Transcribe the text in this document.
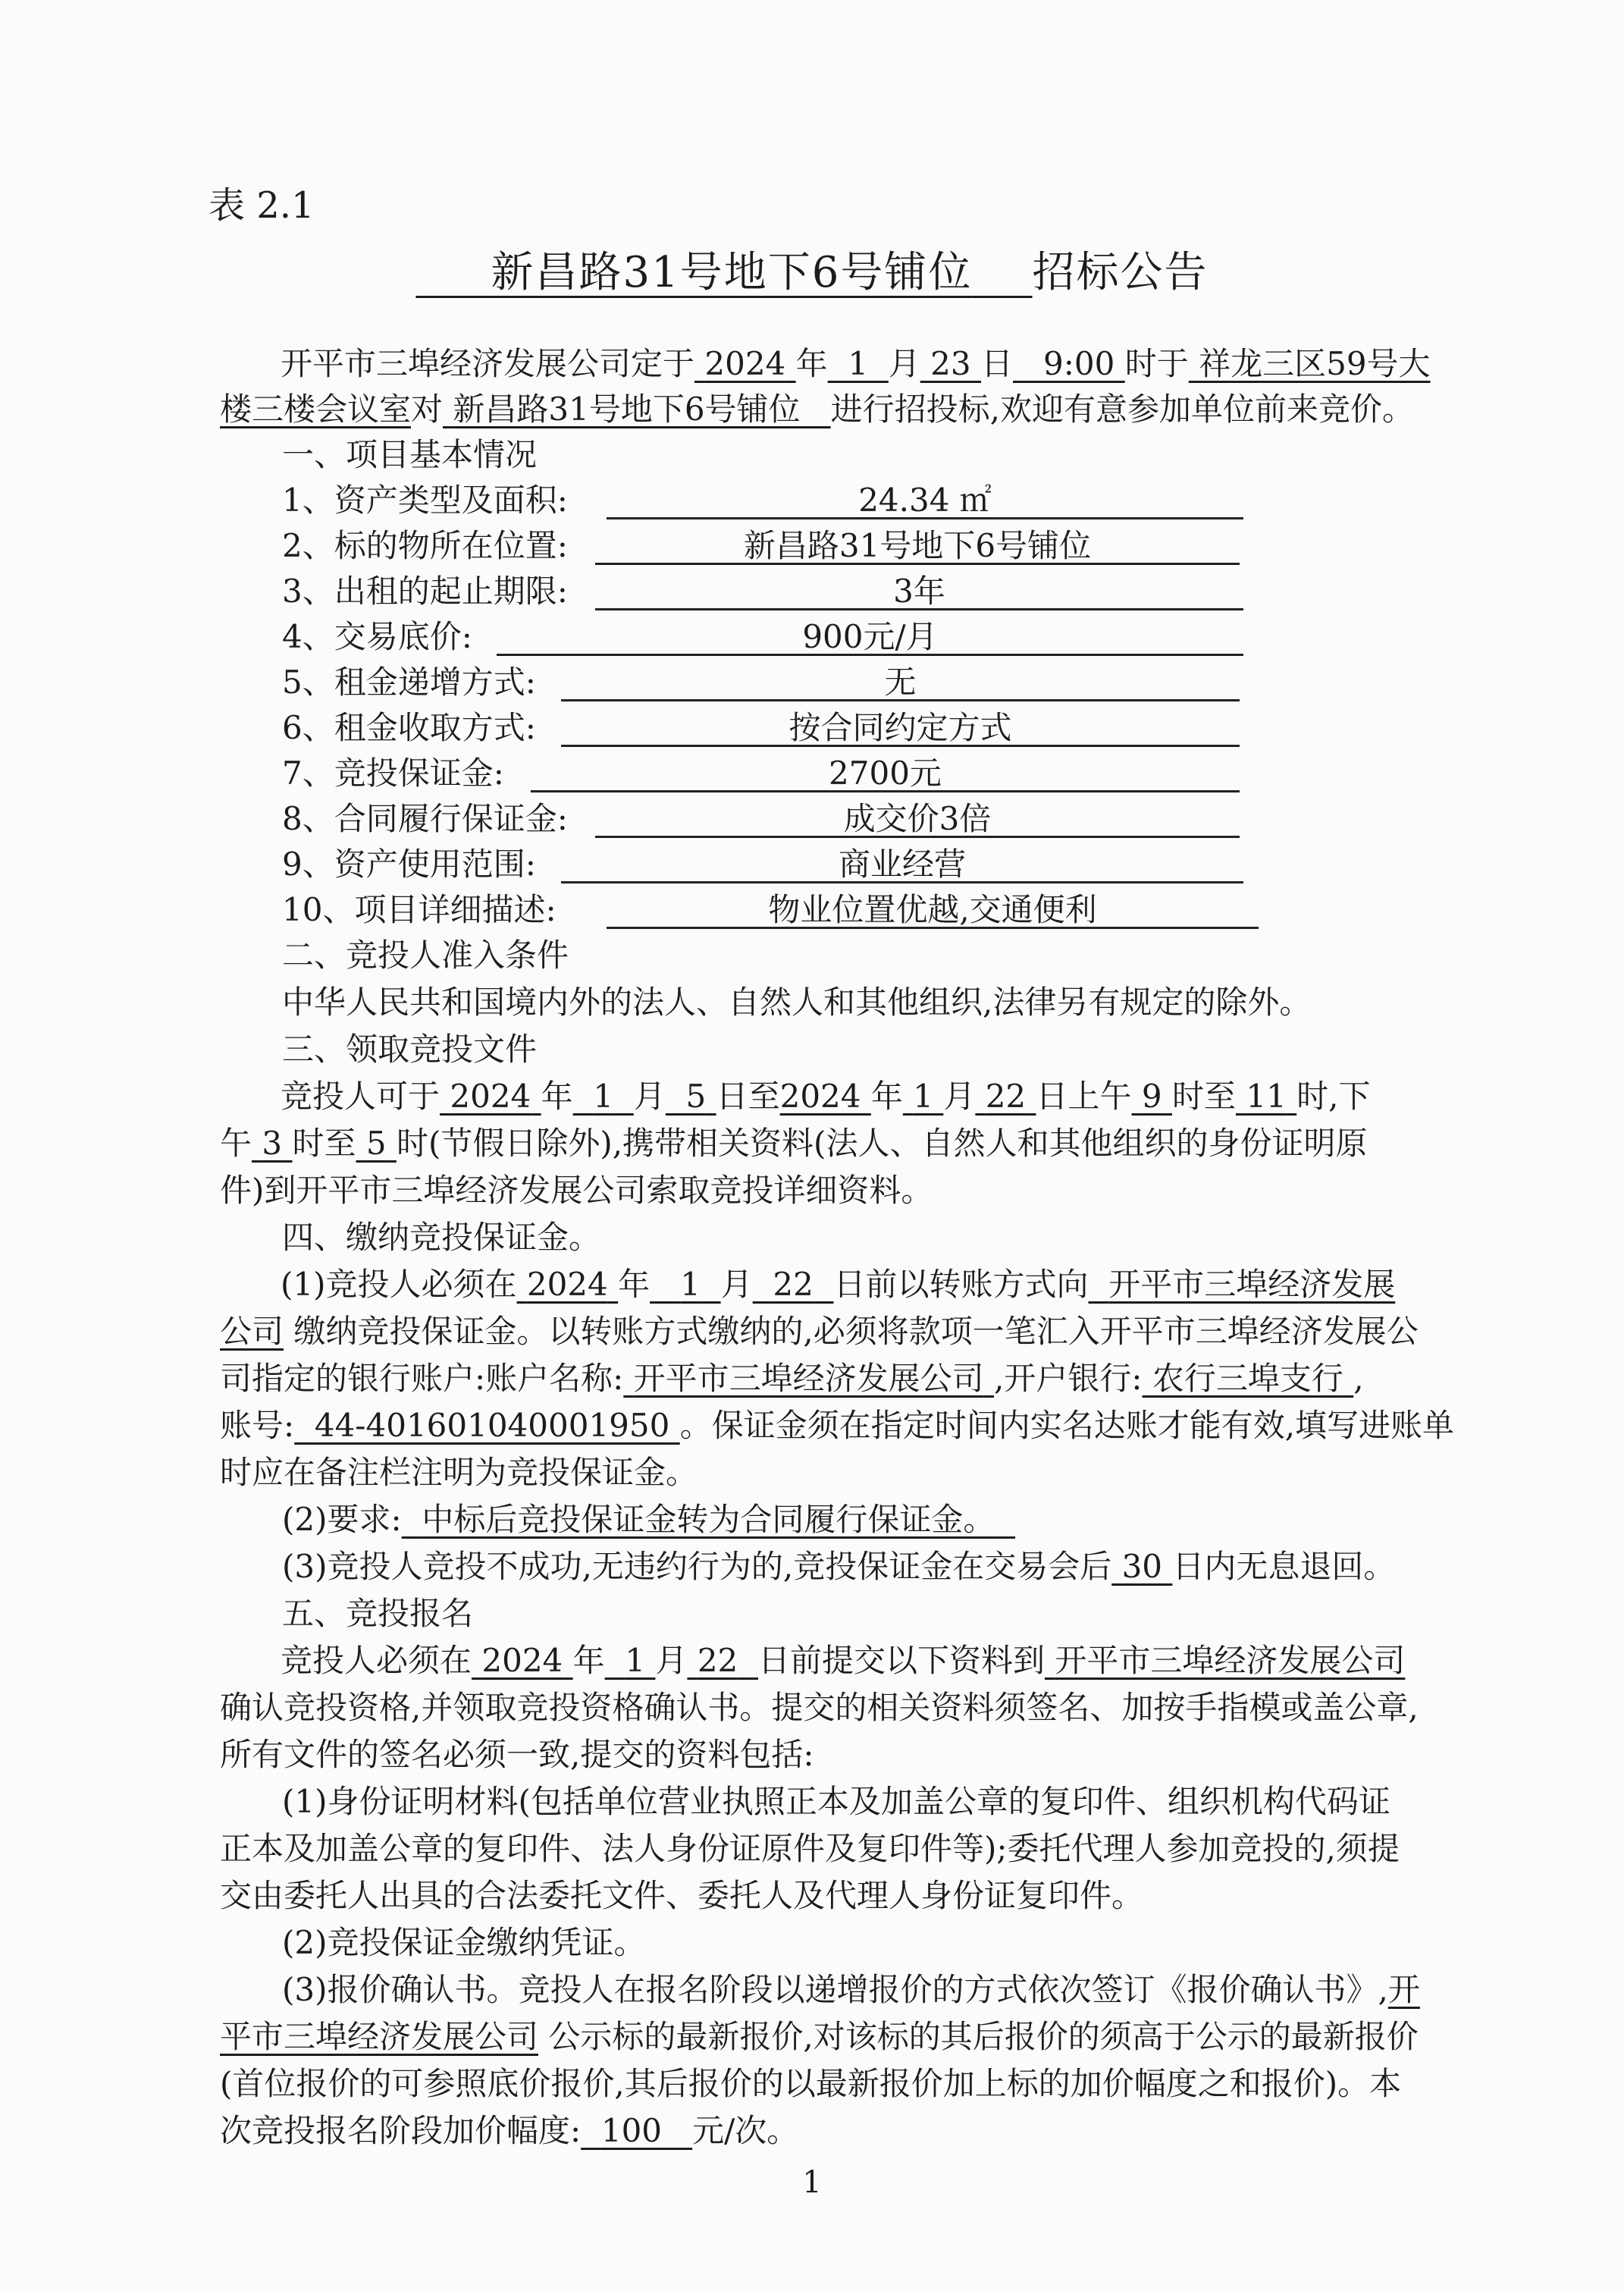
表 2.1
新昌路31号地下6号铺位 招标公告
开平市三埠经济发展公司定于 2024 年 1 月 23 日 9:00 时于 祥龙三区59号大
楼三楼会议室对 新昌路31号地下6号铺位 进行招投标,欢迎有意参加单位前来竞价。
一、项目基本情况
1、资产类型及面积:	24.34 ㎡
2、标的物所在位置:	新昌路31号地下6号铺位
3、出租的起止期限:	3年
4、交易底价:	900元/月
5、租金递增方式:	无
6、租金收取方式:	按合同约定方式
7、竞投保证金:	2700元
8、合同履行保证金:	成交价3倍
9、资产使用范围:	商业经营
10、项目详细描述:	物业位置优越,交通便利
二、竞投人准入条件
中华人民共和国境内外的法人、自然人和其他组织,法律另有规定的除外。
三、领取竞投文件
竞投人可于 2024 年 1 月 5 日至2024 年 1 月 22 日上午 9 时至 11 时,下
午 3 时至 5 时(节假日除外),携带相关资料(法人、自然人和其他组织的身份证明原
件)到开平市三埠经济发展公司索取竞投详细资料。
四、缴纳竞投保证金。
(1)竞投人必须在 2024 年 1 月 22 日前以转账方式向 开平市三埠经济发展
公司 缴纳竞投保证金。以转账方式缴纳的,必须将款项一笔汇入开平市三埠经济发展公
司指定的银行账户:账户名称: 开平市三埠经济发展公司 ,开户银行: 农行三埠支行 ,
账号: 44-401601040001950 。保证金须在指定时间内实名达账才能有效,填写进账单
时应在备注栏注明为竞投保证金。
(2)要求: 中标后竞投保证金转为合同履行保证金。
(3)竞投人竞投不成功,无违约行为的,竞投保证金在交易会后 30 日内无息退回。
五、竞投报名
竞投人必须在 2024 年 1 月 22 日前提交以下资料到 开平市三埠经济发展公司
确认竞投资格,并领取竞投资格确认书。提交的相关资料须签名、加按手指模或盖公章,
所有文件的签名必须一致,提交的资料包括:
(1)身份证明材料(包括单位营业执照正本及加盖公章的复印件、组织机构代码证
正本及加盖公章的复印件、法人身份证原件及复印件等);委托代理人参加竞投的,须提
交由委托人出具的合法委托文件、委托人及代理人身份证复印件。
(2)竞投保证金缴纳凭证。
(3)报价确认书。竞投人在报名阶段以递增报价的方式依次签订《报价确认书》,开
平市三埠经济发展公司 公示标的最新报价,对该标的其后报价的须高于公示的最新报价
(首位报价的可参照底价报价,其后报价的以最新报价加上标的加价幅度之和报价)。本
次竞投报名阶段加价幅度: 100 元/次。
1
